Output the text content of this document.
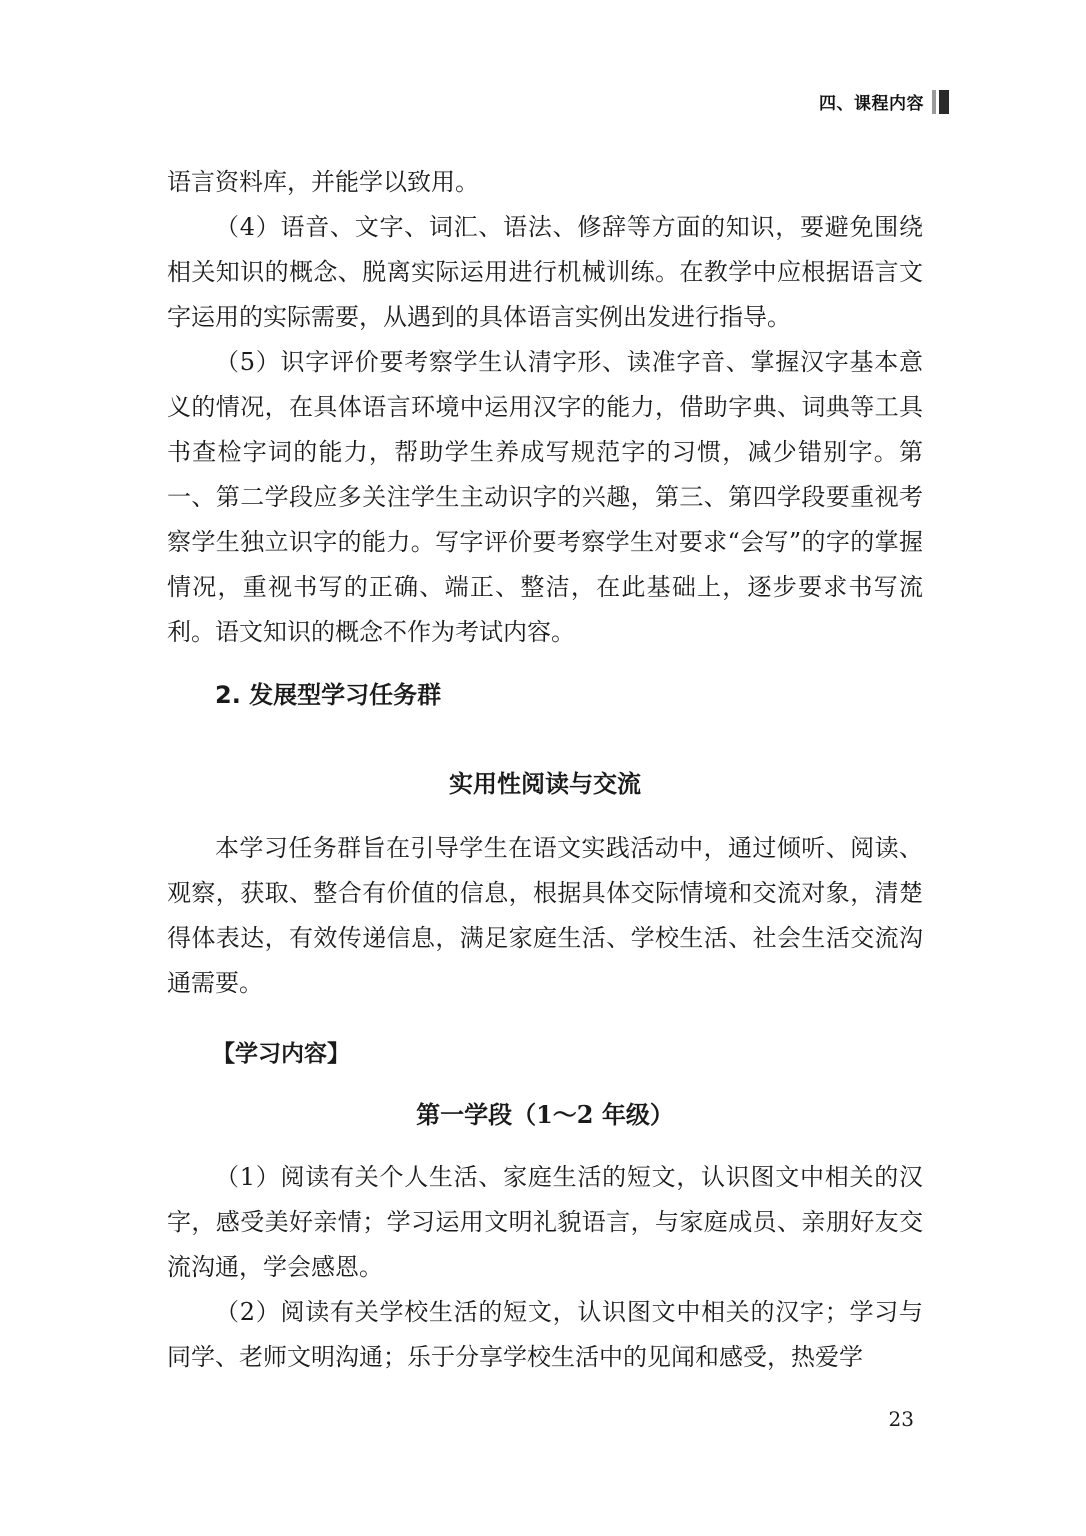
四、课程内容

语言资料库，并能学以致用。

（4）语音、文字、词汇、语法、修辞等方面的知识，要避免围绕相关知识的概念、脱离实际运用进行机械训练。在教学中应根据语言文字运用的实际需要，从遇到的具体语言实例出发进行指导。

（5）识字评价要考察学生认清字形、读准字音、掌握汉字基本意义的情况，在具体语言环境中运用汉字的能力，借助字典、词典等工具书查检字词的能力，帮助学生养成写规范字的习惯，减少错别字。第一、第二学段应多关注学生主动识字的兴趣，第三、第四学段要重视考察学生独立识字的能力。写字评价要考察学生对要求“会写”的字的掌握情况，重视书写的正确、端正、整洁，在此基础上，逐步要求书写流利。语文知识的概念不作为考试内容。

2. 发展型学习任务群
实用性阅读与交流

本学习任务群旨在引导学生在语文实践活动中，通过倾听、阅读、观察，获取、整合有价值的信息，根据具体交际情境和交流对象，清楚得体表达，有效传递信息，满足家庭生活、学校生活、社会生活交流沟通需要。

【学习内容】
第一学段（1～2 年级）

（1）阅读有关个人生活、家庭生活的短文，认识图文中相关的汉字，感受美好亲情；学习运用文明礼貌语言，与家庭成员、亲朋好友交流沟通，学会感恩。

（2）阅读有关学校生活的短文，认识图文中相关的汉字；学习与同学、老师文明沟通；乐于分享学校生活中的见闻和感受，热爱学

23
